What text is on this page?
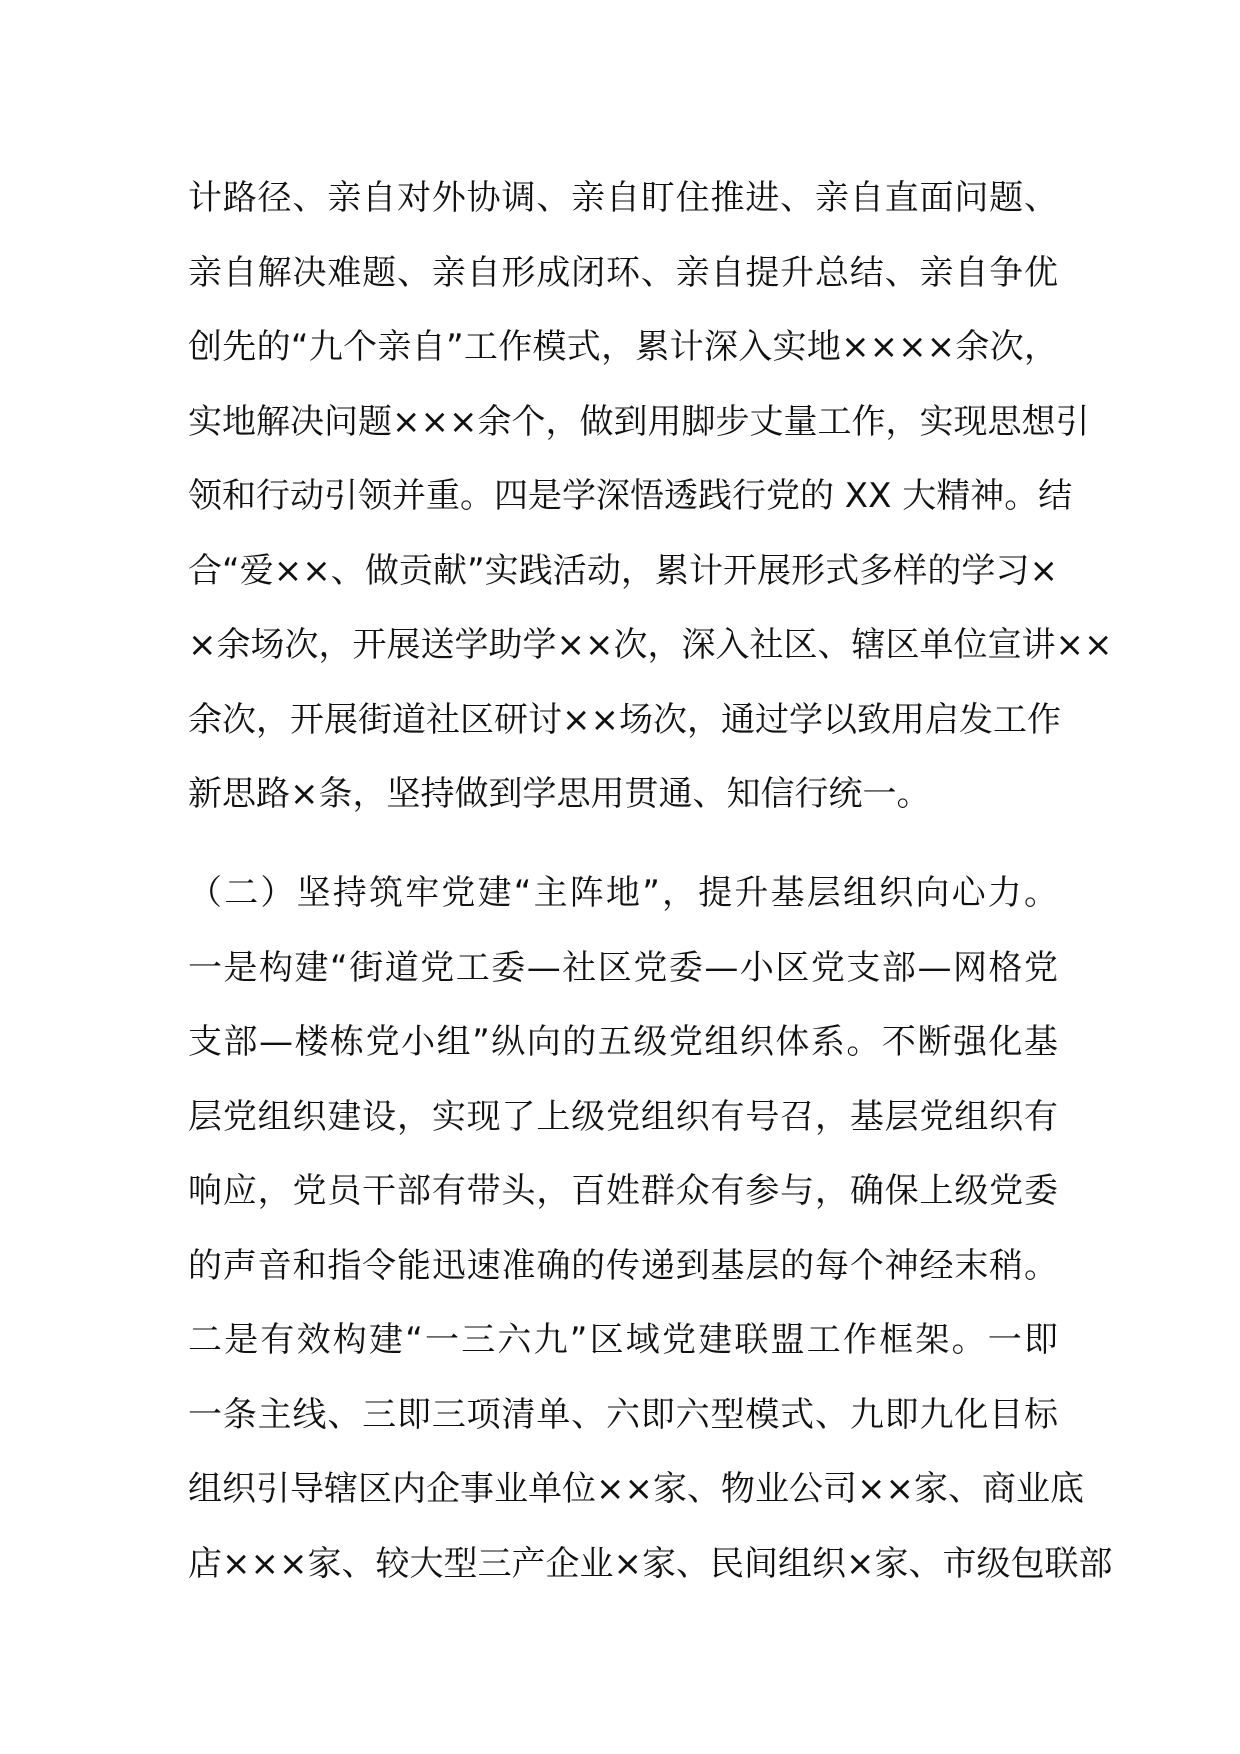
计路径、亲自对外协调、亲自盯住推进、亲自直面问题、
亲自解决难题、亲自形成闭环、亲自提升总结、亲自争优
创先的“九个亲自”工作模式，累计深入实地××××余次，
实地解决问题×××余个，做到用脚步丈量工作，实现思想引
领和行动引领并重。四是学深悟透践行党的 XX 大精神。结
合“爱××、做贡献”实践活动，累计开展形式多样的学习×
×余场次，开展送学助学××次，深入社区、辖区单位宣讲××
余次，开展街道社区研讨××场次，通过学以致用启发工作
新思路×条，坚持做到学思用贯通、知信行统一。
（二）坚持筑牢党建“主阵地”，提升基层组织向心力。
一是构建“街道党工委—社区党委—小区党支部—网格党
支部—楼栋党小组”纵向的五级党组织体系。不断强化基
层党组织建设，实现了上级党组织有号召，基层党组织有
响应，党员干部有带头，百姓群众有参与，确保上级党委
的声音和指令能迅速准确的传递到基层的每个神经末稍。
二是有效构建“一三六九”区域党建联盟工作框架。一即
一条主线、三即三项清单、六即六型模式、九即九化目标
组织引导辖区内企事业单位××家、物业公司××家、商业底
店×××家、较大型三产企业×家、民间组织×家、市级包联部
